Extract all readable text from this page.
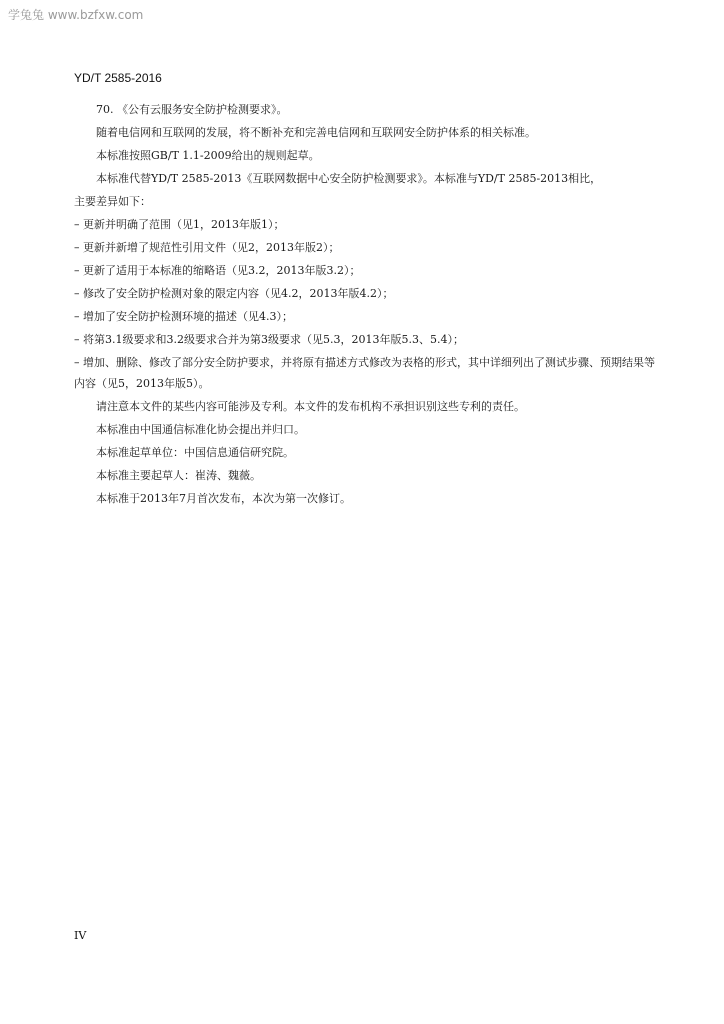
学兔兔 www.bzfxw.com
YD/T 2585-2016

70. 《公有云服务安全防护检测要求》。

随着电信网和互联网的发展，将不断补充和完善电信网和互联网安全防护体系的相关标准。

本标准按照GB/T 1.1-2009给出的规则起草。

本标准代替YD/T 2585-2013《互联网数据中心安全防护检测要求》。本标准与YD/T 2585-2013相比，

主要差异如下：

– 更新并明确了范围（见1，2013年版1）；

– 更新并新增了规范性引用文件（见2，2013年版2）；

– 更新了适用于本标准的缩略语（见3.2，2013年版3.2）；

– 修改了安全防护检测对象的限定内容（见4.2，2013年版4.2）；

– 增加了安全防护检测环境的描述（见4.3）；

– 将第3.1级要求和3.2级要求合并为第3级要求（见5.3，2013年版5.3、5.4）；

– 增加、删除、修改了部分安全防护要求，并将原有描述方式修改为表格的形式，其中详细列出了测试步骤、预期结果等内容（见5，2013年版5）。

请注意本文件的某些内容可能涉及专利。本文件的发布机构不承担识别这些专利的责任。

本标准由中国通信标准化协会提出并归口。

本标准起草单位：中国信息通信研究院。

本标准主要起草人：崔涛、魏薇。

本标准于2013年7月首次发布，本次为第一次修订。

IV
